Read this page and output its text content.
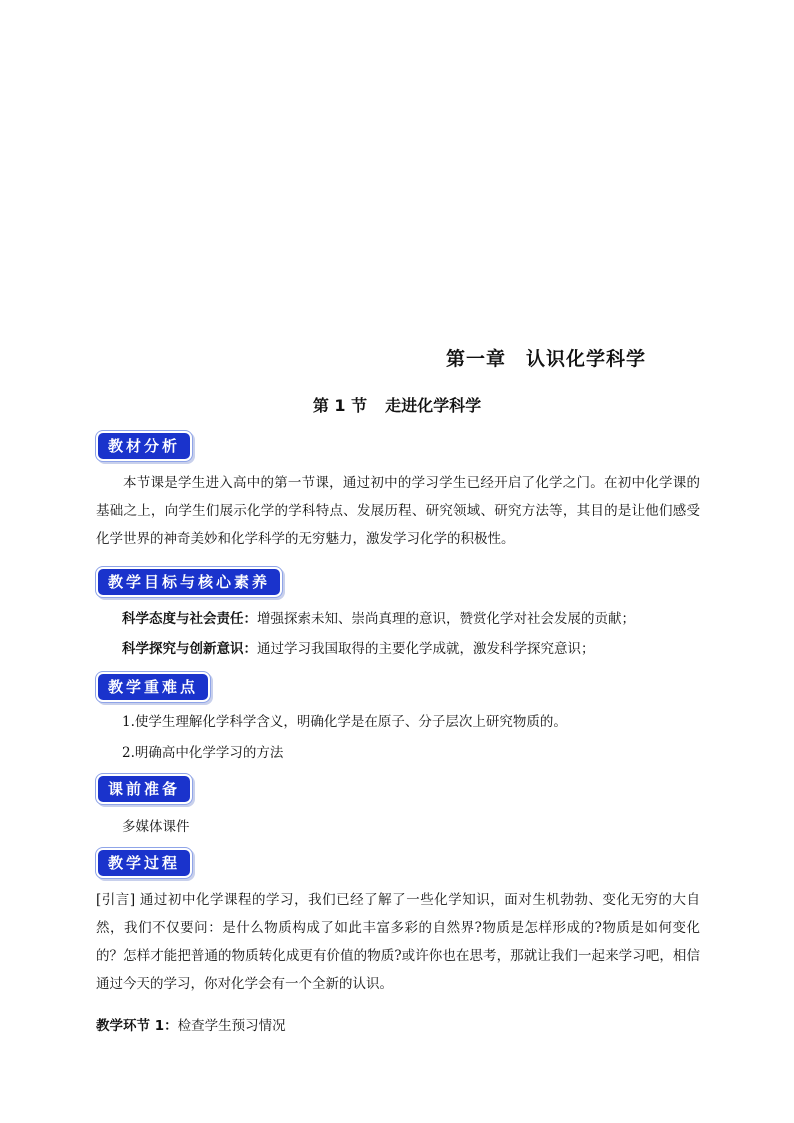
第一章　认识化学科学
第 1 节 走进化学科学
教材分析
本节课是学生进入高中的第一节课，通过初中的学习学生已经开启了化学之门。在初中化学课的基础之上，向学生们展示化学的学科特点、发展历程、研究领域、研究方法等，其目的是让他们感受化学世界的神奇美妙和化学科学的无穷魅力，激发学习化学的积极性。
教学目标与核心素养
科学态度与社会责任：增强探索未知、崇尚真理的意识，赞赏化学对社会发展的贡献；
科学探究与创新意识：通过学习我国取得的主要化学成就，激发科学探究意识；
教学重难点
1.使学生理解化学科学含义，明确化学是在原子、分子层次上研究物质的。
2.明确高中化学学习的方法
课前准备
多媒体课件
教学过程
[引言] 通过初中化学课程的学习，我们已经了解了一些化学知识，面对生机勃勃、变化无穷的大自然，我们不仅要问：是什么物质构成了如此丰富多彩的自然界?物质是怎样形成的?物质是如何变化的？怎样才能把普通的物质转化成更有价值的物质?或许你也在思考，那就让我们一起来学习吧，相信通过今天的学习，你对化学会有一个全新的认识。
教学环节 1：检查学生预习情况
